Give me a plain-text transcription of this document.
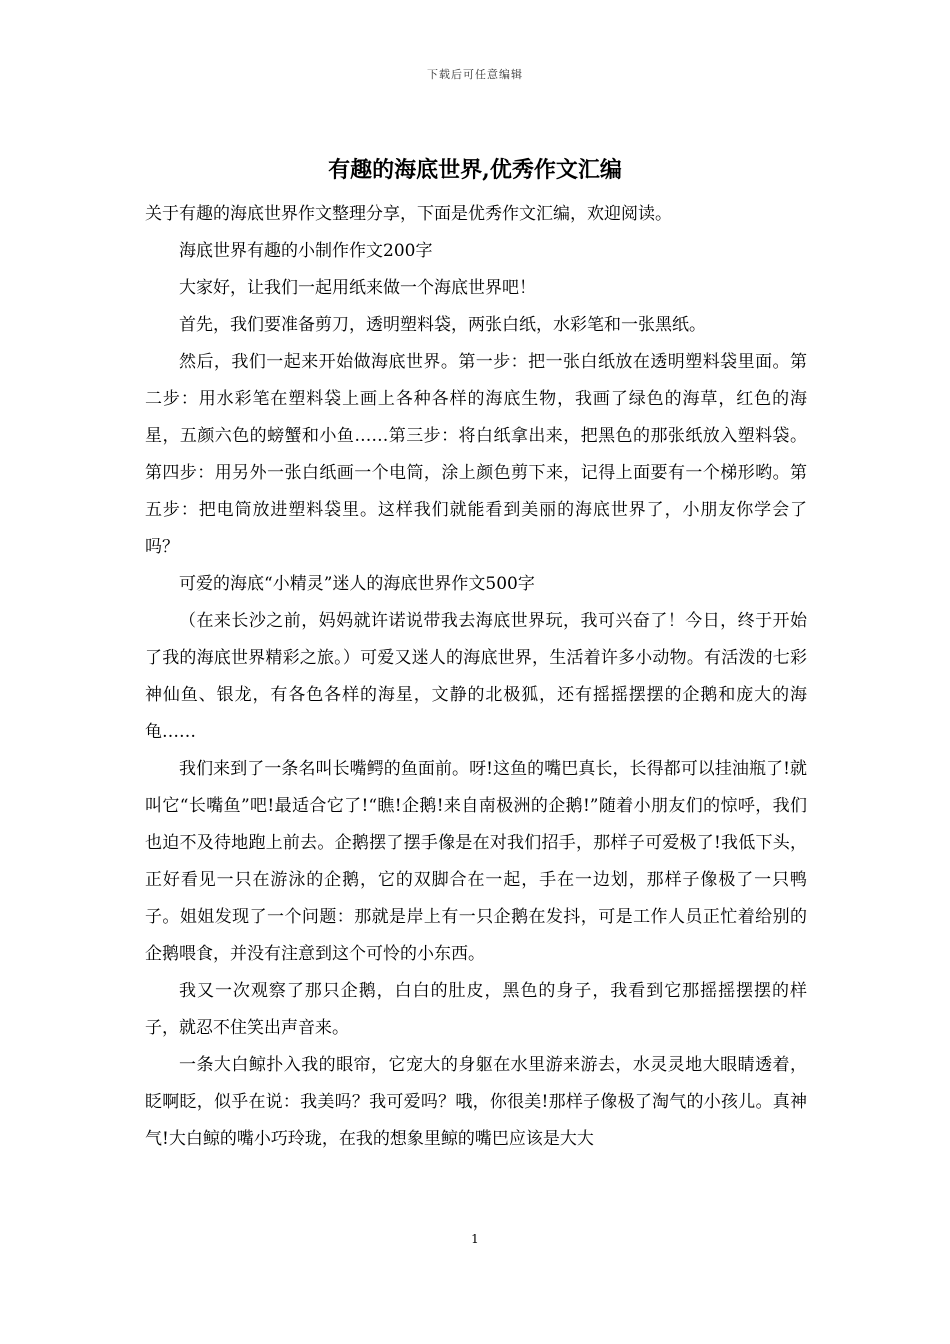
下载后可任意编辑
有趣的海底世界,优秀作文汇编

关于有趣的海底世界作文整理分享，下面是优秀作文汇编，欢迎阅读。

海底世界有趣的小制作作文200字

大家好，让我们一起用纸来做一个海底世界吧！

首先，我们要准备剪刀，透明塑料袋，两张白纸，水彩笔和一张黑纸。

然后，我们一起来开始做海底世界。第一步：把一张白纸放在透明塑料袋里面。第二步：用水彩笔在塑料袋上画上各种各样的海底生物，我画了绿色的海草，红色的海星，五颜六色的螃蟹和小鱼……第三步：将白纸拿出来，把黑色的那张纸放入塑料袋。第四步：用另外一张白纸画一个电筒，涂上颜色剪下来，记得上面要有一个梯形哟。第五步：把电筒放进塑料袋里。这样我们就能看到美丽的海底世界了，小朋友你学会了吗？

可爱的海底“小精灵”迷人的海底世界作文500字

（在来长沙之前，妈妈就许诺说带我去海底世界玩，我可兴奋了！今日，终于开始了我的海底世界精彩之旅。）可爱又迷人的海底世界，生活着许多小动物。有活泼的七彩神仙鱼、银龙，有各色各样的海星，文静的北极狐，还有摇摇摆摆的企鹅和庞大的海龟……

我们来到了一条名叫长嘴鳄的鱼面前。呀!这鱼的嘴巴真长，长得都可以挂油瓶了!就叫它“长嘴鱼”吧!最适合它了!“瞧!企鹅!来自南极洲的企鹅!”随着小朋友们的惊呼，我们也迫不及待地跑上前去。企鹅摆了摆手像是在对我们招手，那样子可爱极了!我低下头，正好看见一只在游泳的企鹅，它的双脚合在一起，手在一边划，那样子像极了一只鸭子。姐姐发现了一个问题：那就是岸上有一只企鹅在发抖，可是工作人员正忙着给别的企鹅喂食，并没有注意到这个可怜的小东西。

我又一次观察了那只企鹅，白白的肚皮，黑色的身子，我看到它那摇摇摆摆的样子，就忍不住笑出声音来。

一条大白鲸扑入我的眼帘，它宠大的身躯在水里游来游去，水灵灵地大眼睛透着，眨啊眨，似乎在说：我美吗？我可爱吗？哦，你很美!那样子像极了淘气的小孩儿。真神气!大白鲸的嘴小巧玲珑，在我的想象里鲸的嘴巴应该是大大

1
